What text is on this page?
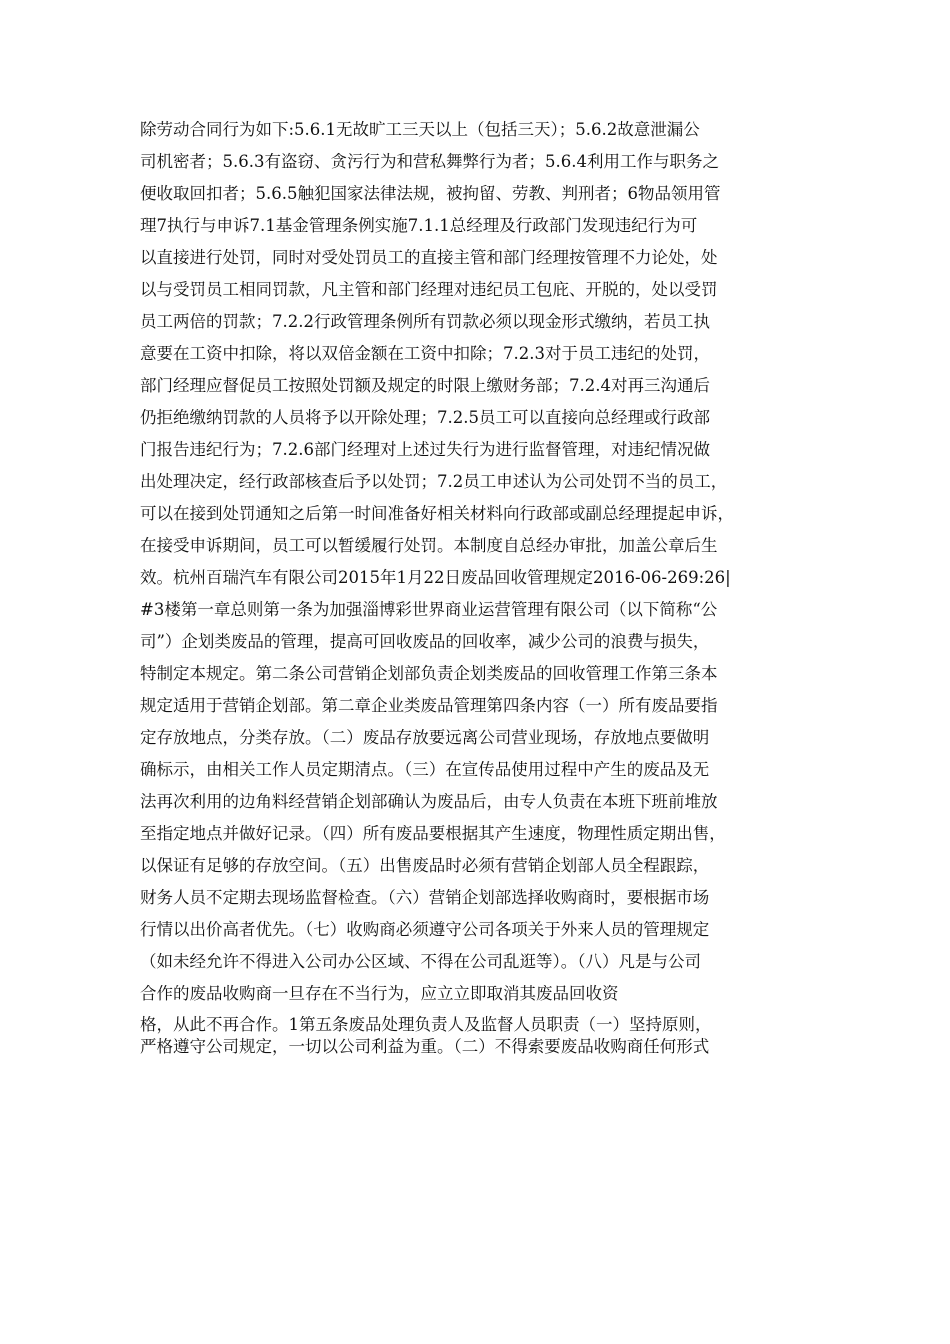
除劳动合同行为如下:5.6.1无故旷工三天以上（包括三天）；5.6.2故意泄漏公
司机密者；5.6.3有盗窃、贪污行为和营私舞弊行为者；5.6.4利用工作与职务之
便收取回扣者；5.6.5触犯国家法律法规，被拘留、劳教、判刑者；6物品领用管
理7执行与申诉7.1基金管理条例实施7.1.1总经理及行政部门发现违纪行为可
以直接进行处罚，同时对受处罚员工的直接主管和部门经理按管理不力论处，处
以与受罚员工相同罚款，凡主管和部门经理对违纪员工包庇、开脱的，处以受罚
员工两倍的罚款；7.2.2行政管理条例所有罚款必须以现金形式缴纳，若员工执
意要在工资中扣除，将以双倍金额在工资中扣除；7.2.3对于员工违纪的处罚，
部门经理应督促员工按照处罚额及规定的时限上缴财务部；7.2.4对再三沟通后
仍拒绝缴纳罚款的人员将予以开除处理；7.2.5员工可以直接向总经理或行政部
门报告违纪行为；7.2.6部门经理对上述过失行为进行监督管理，对违纪情况做
出处理决定，经行政部核查后予以处罚；7.2员工申述认为公司处罚不当的员工，
可以在接到处罚通知之后第一时间准备好相关材料向行政部或副总经理提起申诉，
在接受申诉期间，员工可以暂缓履行处罚。本制度自总经办审批，加盖公章后生
效。杭州百瑞汽车有限公司2015年1月22日废品回收管理规定2016-06-269:26|
#3楼第一章总则第一条为加强淄博彩世界商业运营管理有限公司（以下简称“公
司”）企划类废品的管理，提高可回收废品的回收率，减少公司的浪费与损失，
特制定本规定。第二条公司营销企划部负责企划类废品的回收管理工作第三条本
规定适用于营销企划部。第二章企业类废品管理第四条内容（一）所有废品要指
定存放地点，分类存放。（二）废品存放要远离公司营业现场，存放地点要做明
确标示，由相关工作人员定期清点。（三）在宣传品使用过程中产生的废品及无
法再次利用的边角料经营销企划部确认为废品后，由专人负责在本班下班前堆放
至指定地点并做好记录。（四）所有废品要根据其产生速度，物理性质定期出售，
以保证有足够的存放空间。（五）出售废品时必须有营销企划部人员全程跟踪，
财务人员不定期去现场监督检查。（六）营销企划部选择收购商时，要根据市场
行情以出价高者优先。（七）收购商必须遵守公司各项关于外来人员的管理规定
（如未经允许不得进入公司办公区域、不得在公司乱逛等）。（八）凡是与公司
合作的废品收购商一旦存在不当行为，应立立即取消其废品回收资
格，从此不再合作。1第五条废品处理负责人及监督人员职责（一）坚持原则，
严格遵守公司规定，一切以公司利益为重。（二）不得索要废品收购商任何形式
